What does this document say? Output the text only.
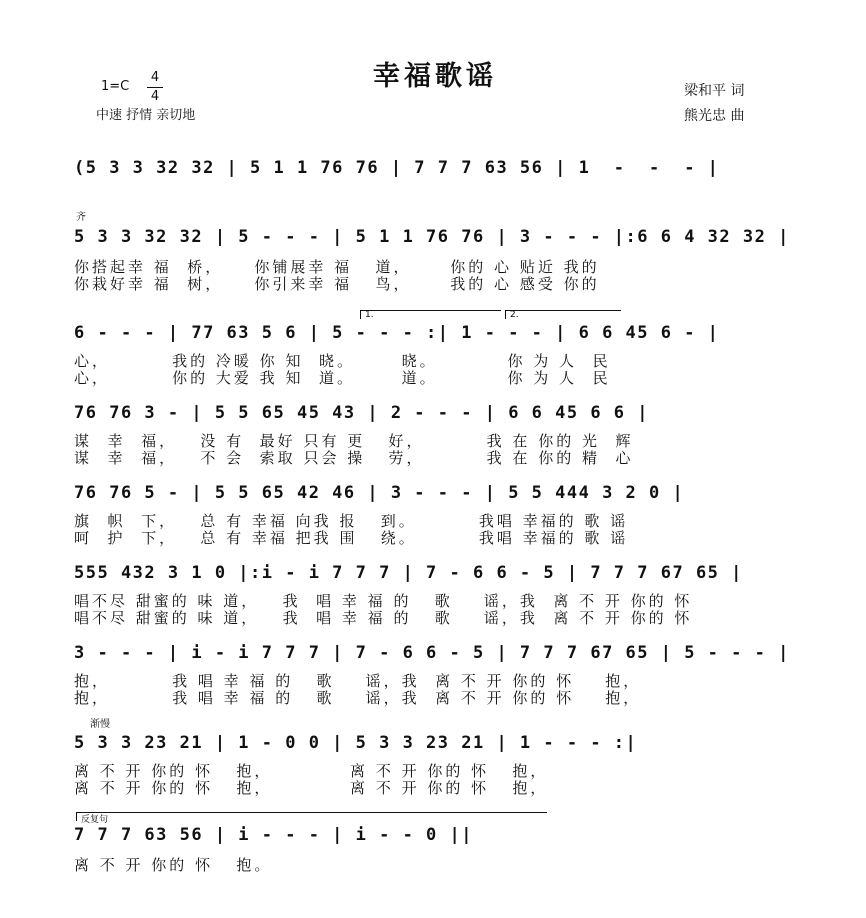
幸福歌谣
1=C
4
4
中速 抒情 亲切地
梁和平 词
熊光忠 曲
(5 3 3 32 32 | 5 1 1 76 76 | 7 7 7 63 56 | 1  -  -  - |
齐
5 3 3 32 32 | 5 - - - | 5 1 1 76 76 | 3 - - - |:6 6 4 32 32 |
你搭起幸 福  桥，    你铺展幸 福   道，     你的 心 贴近 我的
你栽好幸 福  树，    你引来幸 福   鸟，     我的 心 感受 你的
1.	2.
6 - - - | 77 63 5 6 | 5 - - - :| 1 - - - | 6 6 45 6 - |
心，        我的 冷暖 你 知  晓。      晓。         你 为 人  民
心，        你的 大爱 我 知  道。      道。         你 为 人  民
76 76 3 - | 5 5 65 45 43 | 2 - - - | 6 6 45 6 6 |
谋  幸  福，   没 有  最好 只有 更   好，        我 在 你的 光  辉
谋  幸  福，   不 会  索取 只会 操   劳，        我 在 你的 精  心
76 76 5 - | 5 5 65 42 46 | 3 - - - | 5 5 444 3 2 0 |
旗  帜  下，   总 有 幸福 向我 报   到。        我唱 幸福的 歌 谣
呵  护  下，   总 有 幸福 把我 围   绕。        我唱 幸福的 歌 谣
555 432 3 1 0 |:i - i 7 7 7 | 7 - 6 6 - 5 | 7 7 7 67 65 |
唱不尽 甜蜜的 味 道，   我  唱 幸 福 的   歌    谣，我  离 不 开 你的 怀
唱不尽 甜蜜的 味 道，   我  唱 幸 福 的   歌    谣，我  离 不 开 你的 怀
3 - - - | i - i 7 7 7 | 7 - 6 6 - 5 | 7 7 7 67 65 | 5 - - - |
抱，        我 唱 幸 福 的   歌    谣，我  离 不 开 你的 怀    抱，
抱，        我 唱 幸 福 的   歌    谣，我  离 不 开 你的 怀    抱，
渐慢
5 3 3 23 21 | 1 - 0 0 | 5 3 3 23 21 | 1 - - - :|
离 不 开 你的 怀   抱，          离 不 开 你的 怀   抱，
离 不 开 你的 怀   抱，          离 不 开 你的 怀   抱，
反复句
7 7 7 63 56 | i - - - | i - - 0 ||
离 不 开 你的 怀   抱。
